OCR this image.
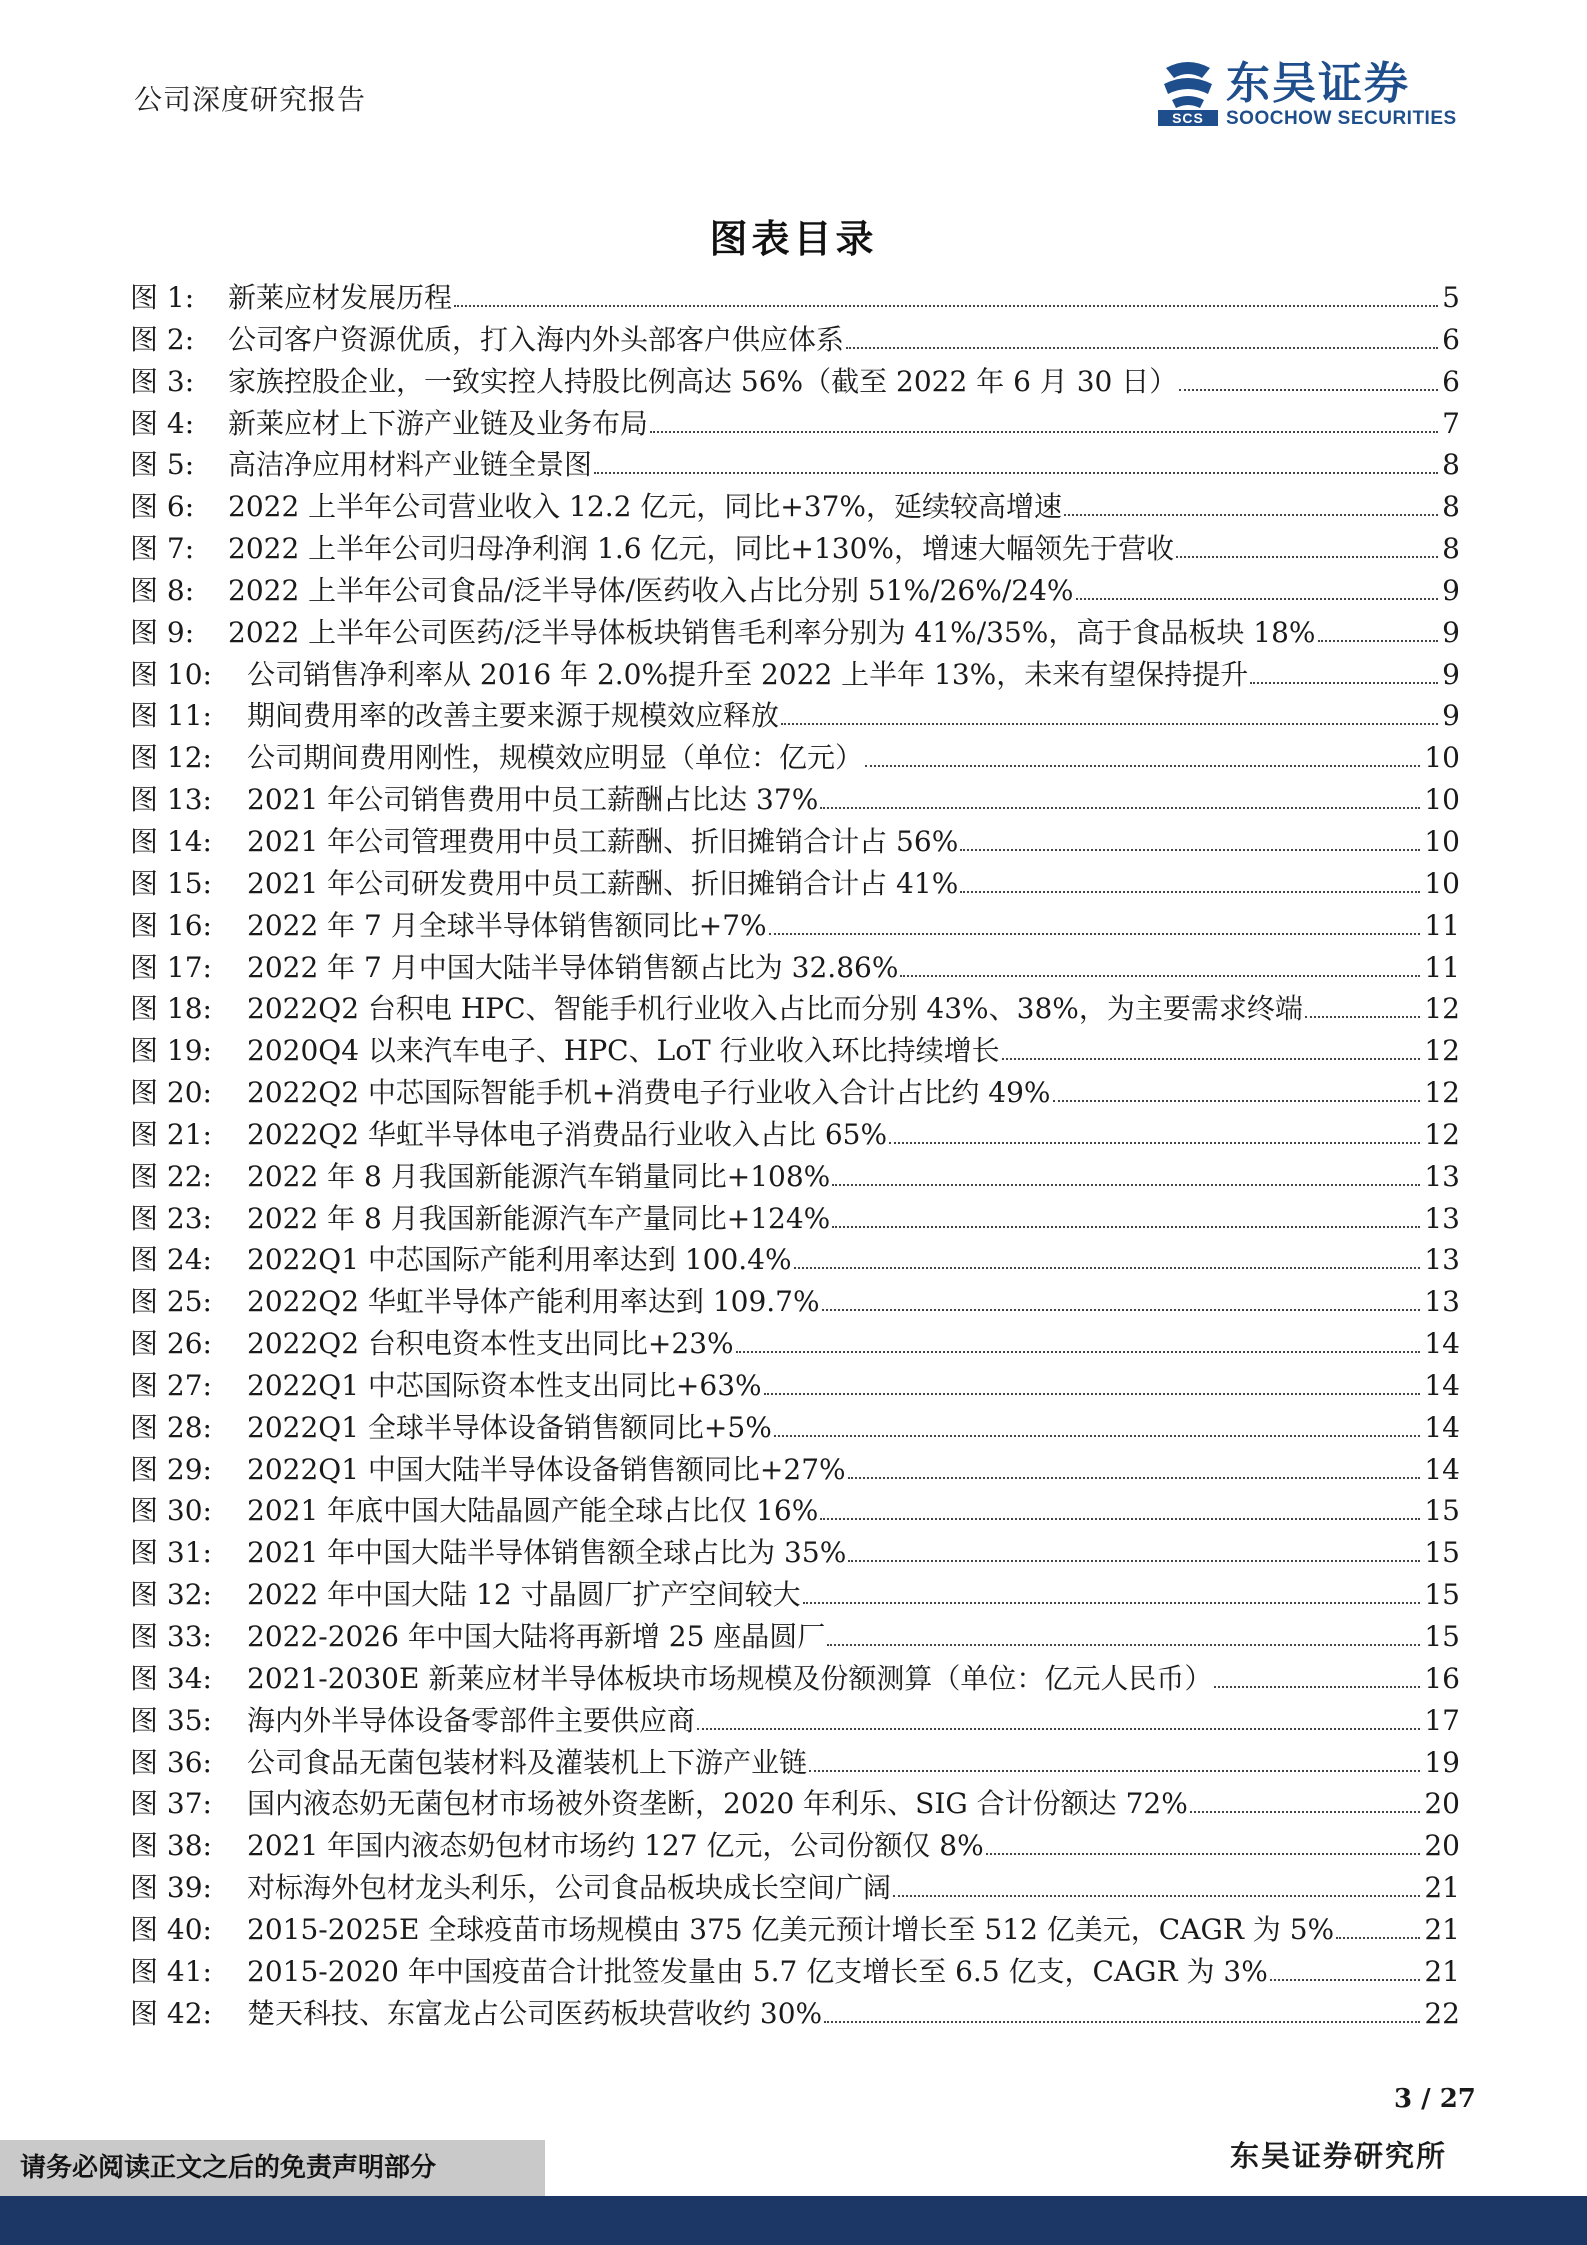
公司深度研究报告
SCS
东吴证券
SOOCHOW SECURITIES
图表目录
图 1:	新莱应材发展历程	5
图 2:	公司客户资源优质，打入海内外头部客户供应体系	6
图 3:	家族控股企业，一致实控人持股比例高达 56%（截至 2022 年 6 月 30 日）	6
图 4:	新莱应材上下游产业链及业务布局	7
图 5:	高洁净应用材料产业链全景图	8
图 6:	2022 上半年公司营业收入 12.2 亿元，同比+37%，延续较高增速	8
图 7:	2022 上半年公司归母净利润 1.6 亿元，同比+130%，增速大幅领先于营收	8
图 8:	2022 上半年公司食品/泛半导体/医药收入占比分别 51%/26%/24%	9
图 9:	2022 上半年公司医药/泛半导体板块销售毛利率分别为 41%/35%，高于食品板块 18%	9
图 10:	公司销售净利率从 2016 年 2.0%提升至 2022 上半年 13%，未来有望保持提升	9
图 11:	期间费用率的改善主要来源于规模效应释放	9
图 12:	公司期间费用刚性，规模效应明显（单位：亿元）	10
图 13:	2021 年公司销售费用中员工薪酬占比达 37%	10
图 14:	2021 年公司管理费用中员工薪酬、折旧摊销合计占 56%	10
图 15:	2021 年公司研发费用中员工薪酬、折旧摊销合计占 41%	10
图 16:	2022 年 7 月全球半导体销售额同比+7%	11
图 17:	2022 年 7 月中国大陆半导体销售额占比为 32.86%	11
图 18:	2022Q2 台积电 HPC、智能手机行业收入占比而分别 43%、38%，为主要需求终端	12
图 19:	2020Q4 以来汽车电子、HPC、LoT 行业收入环比持续增长	12
图 20:	2022Q2 中芯国际智能手机+消费电子行业收入合计占比约 49%	12
图 21:	2022Q2 华虹半导体电子消费品行业收入占比 65%	12
图 22:	2022 年 8 月我国新能源汽车销量同比+108%	13
图 23:	2022 年 8 月我国新能源汽车产量同比+124%	13
图 24:	2022Q1 中芯国际产能利用率达到 100.4%	13
图 25:	2022Q2 华虹半导体产能利用率达到 109.7%	13
图 26:	2022Q2 台积电资本性支出同比+23%	14
图 27:	2022Q1 中芯国际资本性支出同比+63%	14
图 28:	2022Q1 全球半导体设备销售额同比+5%	14
图 29:	2022Q1 中国大陆半导体设备销售额同比+27%	14
图 30:	2021 年底中国大陆晶圆产能全球占比仅 16%	15
图 31:	2021 年中国大陆半导体销售额全球占比为 35%	15
图 32:	2022 年中国大陆 12 寸晶圆厂扩产空间较大	15
图 33:	2022-2026 年中国大陆将再新增 25 座晶圆厂	15
图 34:	2021-2030E 新莱应材半导体板块市场规模及份额测算（单位：亿元人民币）	16
图 35:	海内外半导体设备零部件主要供应商	17
图 36:	公司食品无菌包装材料及灌装机上下游产业链	19
图 37:	国内液态奶无菌包材市场被外资垄断，2020 年利乐、SIG 合计份额达 72%	20
图 38:	2021 年国内液态奶包材市场约 127 亿元，公司份额仅 8%	20
图 39:	对标海外包材龙头利乐，公司食品板块成长空间广阔	21
图 40:	2015-2025E 全球疫苗市场规模由 375 亿美元预计增长至 512 亿美元，CAGR 为 5%	21
图 41:	2015-2020 年中国疫苗合计批签发量由 5.7 亿支增长至 6.5 亿支，CAGR 为 3%	21
图 42:	楚天科技、东富龙占公司医药板块营收约 30%	22
3 / 27
东吴证券研究所
请务必阅读正文之后的免责声明部分
